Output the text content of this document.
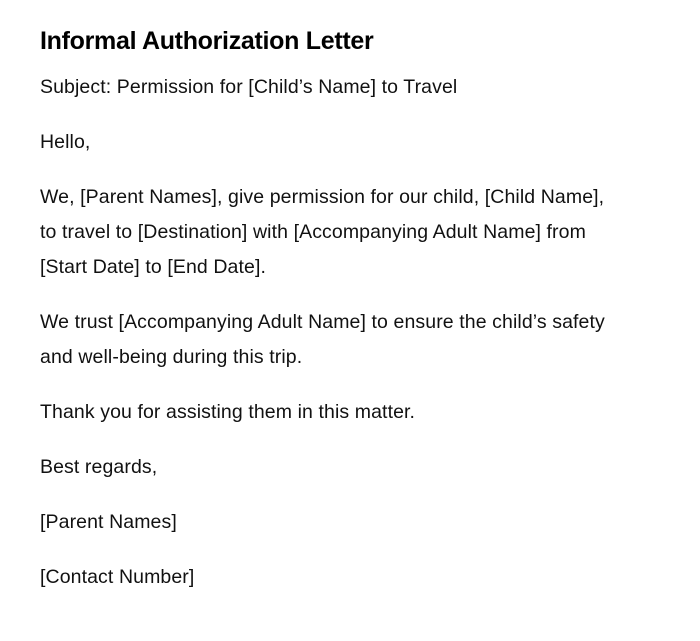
Informal Authorization Letter

Subject: Permission for [Child’s Name] to Travel

Hello,

We, [Parent Names], give permission for our child, [Child Name], to travel to [Destination] with [Accompanying Adult Name] from [Start Date] to [End Date].

We trust [Accompanying Adult Name] to ensure the child’s safety and well-being during this trip.

Thank you for assisting them in this matter.

Best regards,

[Parent Names]

[Contact Number]
